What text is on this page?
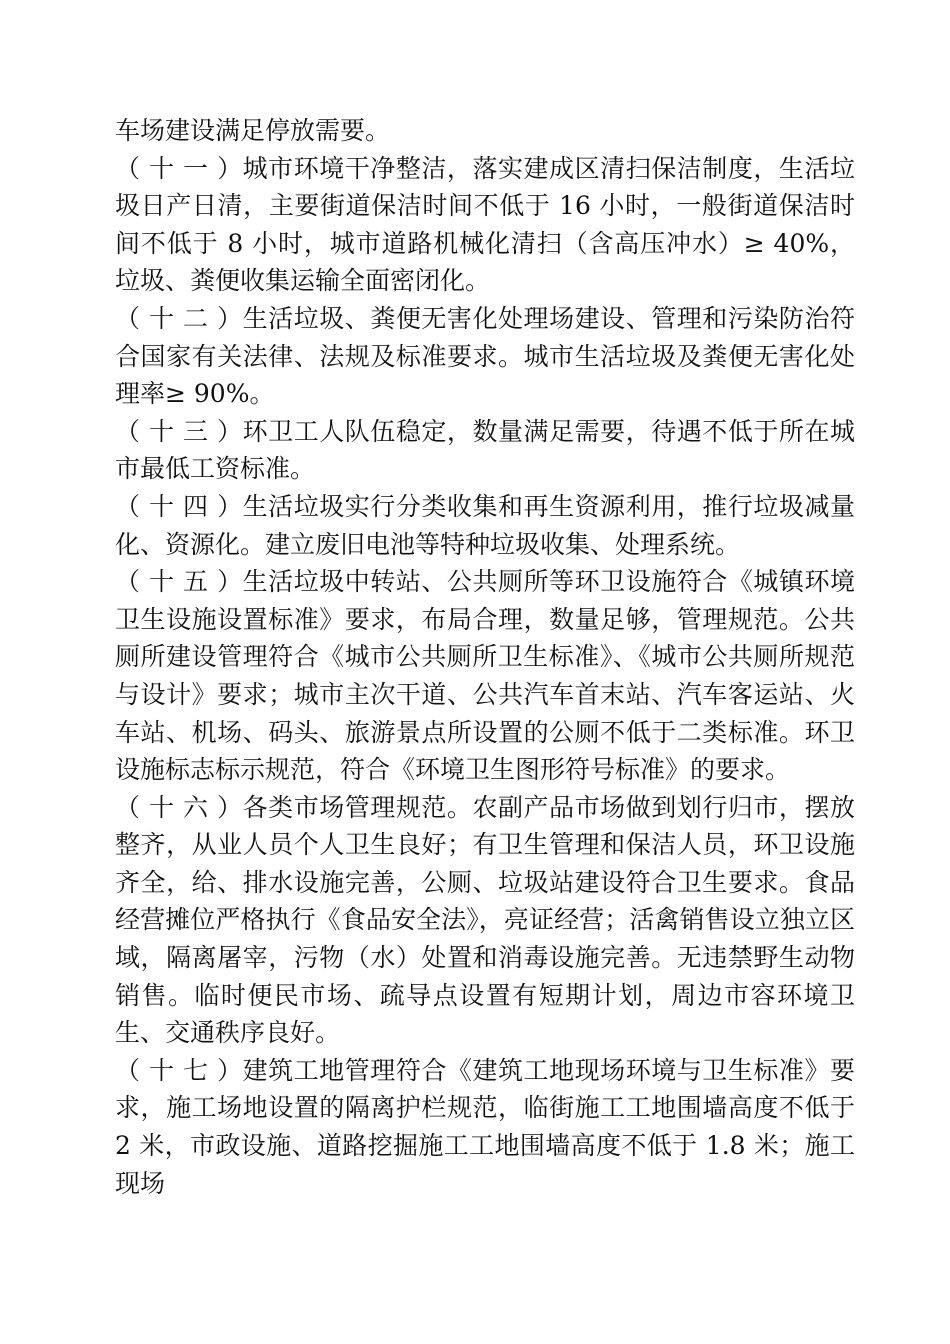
车场建设满足停放需要。

（ 十 一 ）城市环境干净整洁，落实建成区清扫保洁制度，生活垃圾日产日清，主要街道保洁时间不低于 16 小时，一般街道保洁时间不低于 8 小时，城市道路机械化清扫（含高压冲水）≥ 40%，垃圾、粪便收集运输全面密闭化。

（ 十 二 ）生活垃圾、粪便无害化处理场建设、管理和污染防治符合国家有关法律、法规及标准要求。城市生活垃圾及粪便无害化处理率≥ 90%。

（ 十 三 ）环卫工人队伍稳定，数量满足需要，待遇不低于所在城市最低工资标准。

（ 十 四 ）生活垃圾实行分类收集和再生资源利用，推行垃圾减量化、资源化。建立废旧电池等特种垃圾收集、处理系统。

（ 十 五 ）生活垃圾中转站、公共厕所等环卫设施符合《城镇环境卫生设施设置标准》要求，布局合理，数量足够，管理规范。公共厕所建设管理符合《城市公共厕所卫生标准》、《城市公共厕所规范与设计》要求；城市主次干道、公共汽车首末站、汽车客运站、火车站、机场、码头、旅游景点所设置的公厕不低于二类标准。环卫设施标志标示规范，符合《环境卫生图形符号标准》的要求。

（ 十 六 ）各类市场管理规范。农副产品市场做到划行归市，摆放整齐，从业人员个人卫生良好；有卫生管理和保洁人员，环卫设施齐全，给、排水设施完善，公厕、垃圾站建设符合卫生要求。食品经营摊位严格执行《食品安全法》，亮证经营；活禽销售设立独立区域，隔离屠宰，污物（水）处置和消毒设施完善。无违禁野生动物销售。临时便民市场、疏导点设置有短期计划，周边市容环境卫生、交通秩序良好。

（ 十 七 ）建筑工地管理符合《建筑工地现场环境与卫生标准》要求，施工场地设置的隔离护栏规范，临街施工工地围墙高度不低于 2 米，市政设施、道路挖掘施工工地围墙高度不低于 1.8 米；施工现场
